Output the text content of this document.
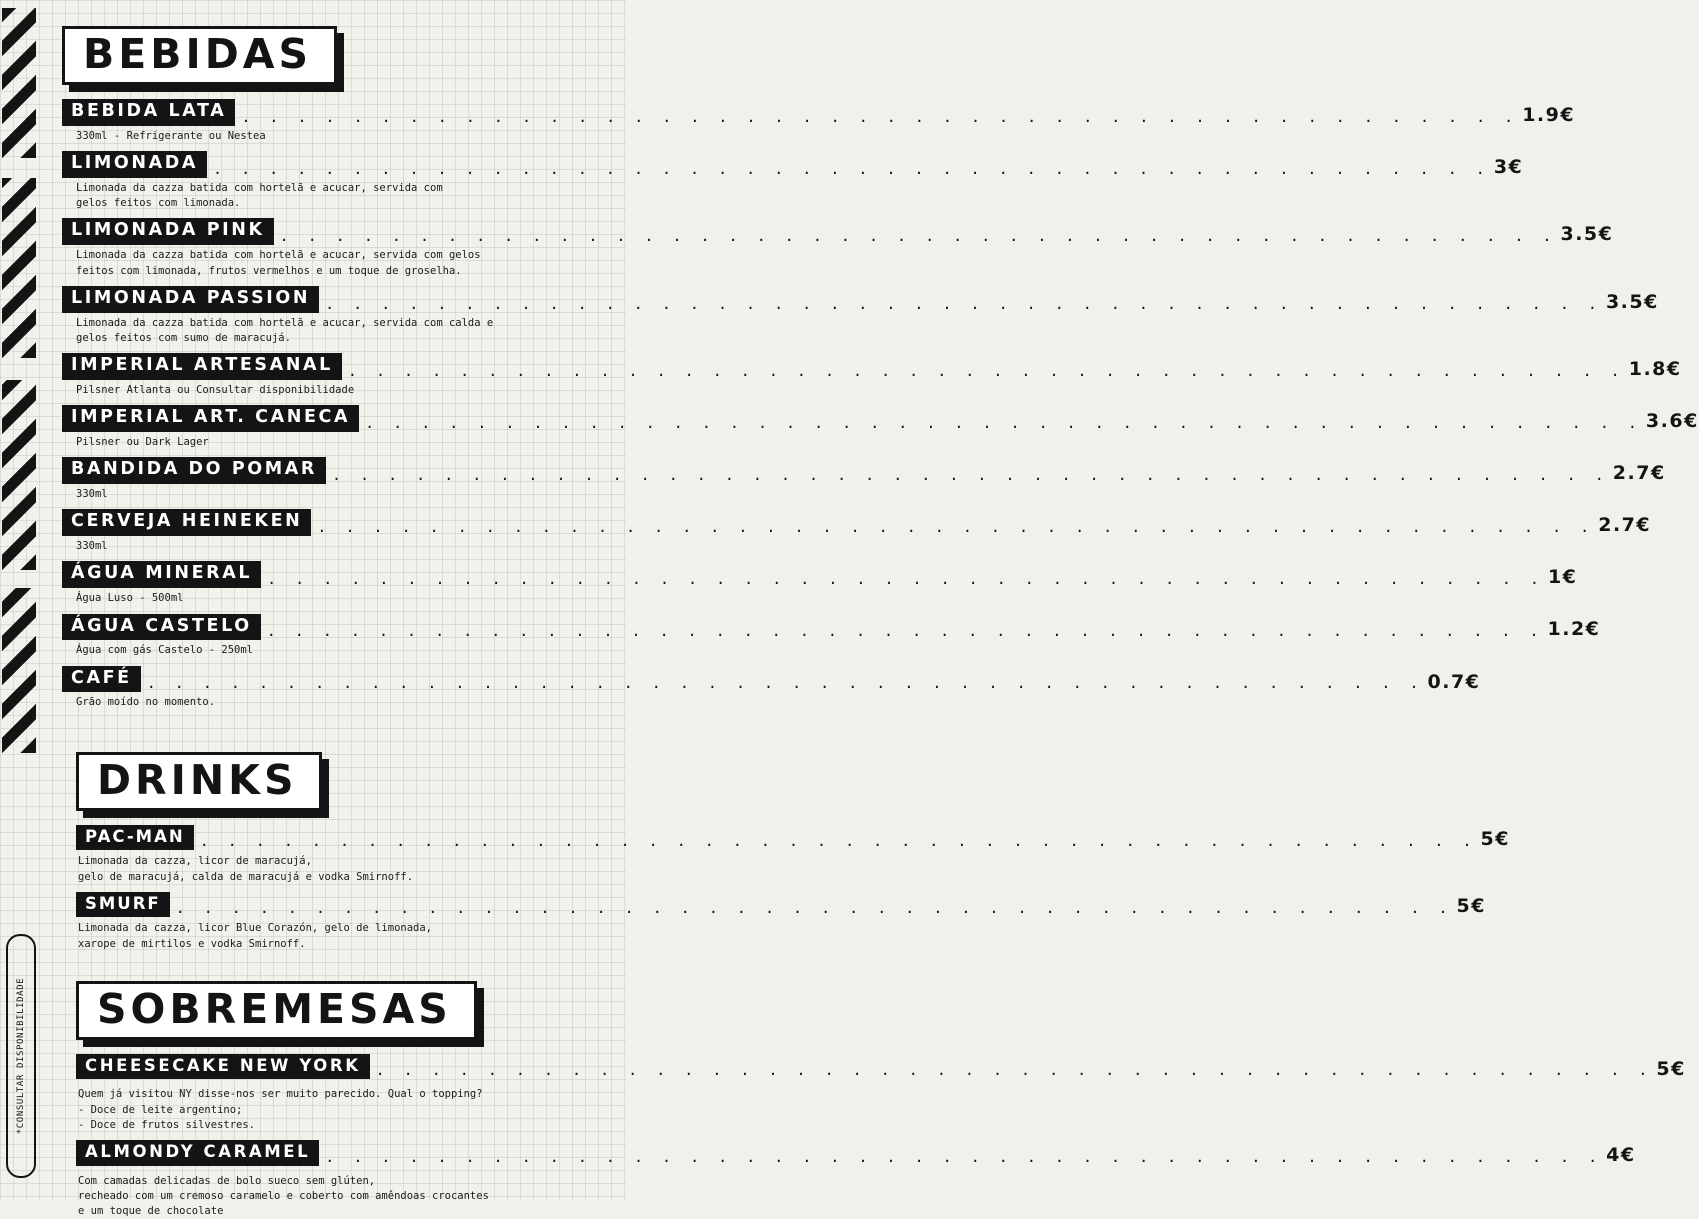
*CONSULTAR DISPONIBILIDADE
BEBIDAS
BEBIDA LATA	. . . . . . . . . . . . . . . . . . . . . . . . . . . . . . . . . . . . . . . . . . . . . . 1.9€
330ml - Refrigerante ou Nestea
LIMONADA	. . . . . . . . . . . . . . . . . . . . . . . . . . . . . . . . . . . . . . . . . . . . . . 3€
Limonada da cazza batida com hortelã e acucar, servida com
gelos feitos com limonada.
LIMONADA PINK	. . . . . . . . . . . . . . . . . . . . . . . . . . . . . . . . . . . . . . . . . . . . . . 3.5€
Limonada da cazza batida com hortelã e acucar, servida com gelos
feitos com limonada, frutos vermelhos e um toque de groselha.
LIMONADA PASSION	. . . . . . . . . . . . . . . . . . . . . . . . . . . . . . . . . . . . . . . . . . . . . . 3.5€
Limonada da cazza batida com hortelã e acucar, servida com calda e
gelos feitos com sumo de maracujá.
IMPERIAL ARTESANAL	. . . . . . . . . . . . . . . . . . . . . . . . . . . . . . . . . . . . . . . . . . . . . . 1.8€
Pilsner Atlanta ou Consultar disponibilidade
IMPERIAL ART. CANECA	. . . . . . . . . . . . . . . . . . . . . . . . . . . . . . . . . . . . . . . . . . . . . . 3.6€
Pilsner ou Dark Lager
BANDIDA DO POMAR	. . . . . . . . . . . . . . . . . . . . . . . . . . . . . . . . . . . . . . . . . . . . . . 2.7€
330ml
CERVEJA HEINEKEN	. . . . . . . . . . . . . . . . . . . . . . . . . . . . . . . . . . . . . . . . . . . . . . 2.7€
330ml
ÁGUA MINERAL	. . . . . . . . . . . . . . . . . . . . . . . . . . . . . . . . . . . . . . . . . . . . . . 1€
Água Luso - 500ml
ÁGUA CASTELO	. . . . . . . . . . . . . . . . . . . . . . . . . . . . . . . . . . . . . . . . . . . . . . 1.2€
Água com gás Castelo - 250ml
CAFÉ	. . . . . . . . . . . . . . . . . . . . . . . . . . . . . . . . . . . . . . . . . . . . . . 0.7€
Grão moído no momento.
DRINKS
PAC-MAN	. . . . . . . . . . . . . . . . . . . . . . . . . . . . . . . . . . . . . . . . . . . . . . 5€
Limonada da cazza, licor de maracujá,
gelo de maracujá, calda de maracujá e vodka Smirnoff.
SMURF	. . . . . . . . . . . . . . . . . . . . . . . . . . . . . . . . . . . . . . . . . . . . . . 5€
Limonada da cazza, licor Blue Corazón, gelo de limonada,
xarope de mirtilos e vodka Smirnoff.
SOBREMESAS
CHEESECAKE NEW YORK	. . . . . . . . . . . . . . . . . . . . . . . . . . . . . . . . . . . . . . . . . . . . . . 5€
Quem já visitou NY disse-nos ser muito parecido. Qual o topping?
- Doce de leite argentino;
- Doce de frutos silvestres.
ALMONDY CARAMEL	. . . . . . . . . . . . . . . . . . . . . . . . . . . . . . . . . . . . . . . . . . . . . . 4€
Com camadas delicadas de bolo sueco sem glúten,
recheado com um cremoso caramelo e coberto com amêndoas crocantes
e um toque de chocolate
